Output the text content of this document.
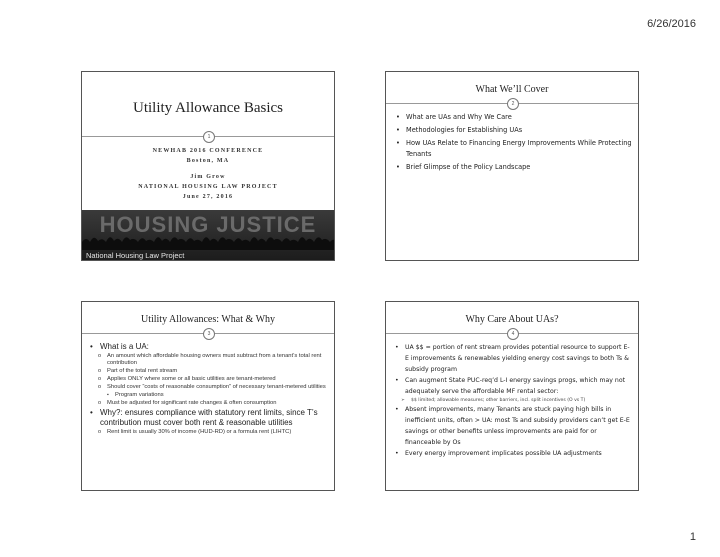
6/26/2016
Utility Allowance Basics
1
NEWHAB 2016 CONFERENCE
Boston, MA
Jim Grow
NATIONAL HOUSING LAW PROJECT
June 27, 2016
HOUSING JUSTICE
National Housing Law Project
What We’ll Cover
2
• What are UAs and Why We Care
• Methodologies for Establishing UAs
• How UAs Relate to Financing Energy Improvements While Protecting Tenants
• Brief Glimpse of the Policy Landscape
Utility Allowances: What & Why
3
• What is a UA:
o An amount which affordable housing owners must subtract from a tenant’s total rent contribution
o Part of the total rent stream
o Applies ONLY where some or all basic utilities are tenant-metered
o Should cover “costs of reasonable consumption” of necessary tenant-metered utilities
▪ Program variations
o Must be adjusted for significant rate changes & often consumption
• Why?: ensures compliance with statutory rent limits, since T’s contribution must cover both rent & reasonable utilities
o Rent limit is usually 30% of income (HUD-RD) or a formula rent (LIHTC)
Why Care About UAs?
4
• UA $$ = portion of rent stream provides potential resource to support E-E improvements & renewables yielding energy cost savings to both Ts & subsidy program
• Can augment State PUC-req’d L-I energy savings progs, which may not adequately serve the affordable MF rental sector:
➢ $$ limited; allowable measures; other barriers, incl. split incentives (O vs T)
• Absent improvements, many Tenants are stuck paying high bills in inefficient units, often > UA: most Ts and subsidy providers can’t get E-E savings or other benefits unless improvements are paid for or financeable by Os
• Every energy improvement implicates possible UA adjustments
1
